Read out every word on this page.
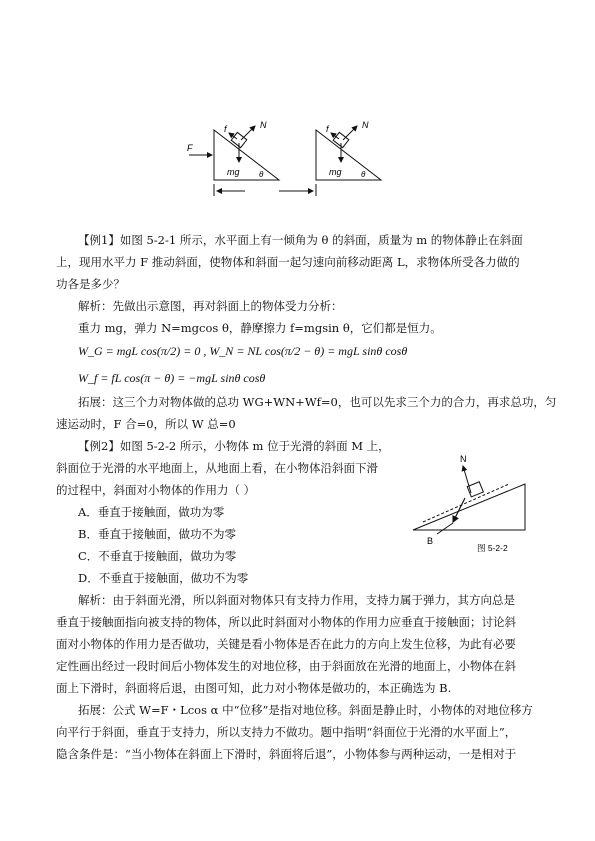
F
N
f
mg θ
N
f
mg θ
【例1】如图 5-2-1 所示，水平面上有一倾角为 θ 的斜面，质量为 m 的物体静止在斜面
上，现用水平力 F 推动斜面，使物体和斜面一起匀速向前移动距离 L，求物体所受各力做的
功各是多少？
解析：先做出示意图，再对斜面上的物体受力分析：
重力 mg，弹力 N=mgcos θ，静摩擦力 f=mgsin θ，它们都是恒力。
W_G = mgL cos(π/2) = 0 , W_N = NL cos(π/2 − θ) = mgL sinθ cosθ
W_f = fL cos(π − θ) = −mgL sinθ cosθ
拓展：这三个力对物体做的总功 WG+WN+Wf=0，也可以先求三个力的合力，再求总功，匀
速运动时，F 合=0，所以 W 总=0
【例2】如图 5-2-2 所示，小物体 m 位于光滑的斜面 M 上，
斜面位于光滑的水平地面上，从地面上看，在小物体沿斜面下滑
的过程中，斜面对小物体的作用力（ ）
A．垂直于接触面，做功为零
B．垂直于接触面，做功不为零
C．不垂直于接触面，做功为零
D．不垂直于接触面，做功不为零
N
B
图 5-2-2
解析：由于斜面光滑，所以斜面对物体只有支持力作用，支持力属于弹力，其方向总是
垂直于接触面指向被支持的物体，所以此时斜面对小物体的作用力应垂直于接触面；讨论斜
面对小物体的作用力是否做功，关键是看小物体是否在此力的方向上发生位移，为此有必要
定性画出经过一段时间后小物体发生的对地位移，由于斜面放在光滑的地面上，小物体在斜
面上下滑时，斜面将后退，由图可知，此力对小物体是做功的，本正确选为 B.
拓展：公式 W=F・Lcos α 中“位移”是指对地位移。斜面是静止时，小物体的对地位移方
向平行于斜面，垂直于支持力，所以支持力不做功。题中指明“斜面位于光滑的水平面上”，
隐含条件是：“当小物体在斜面上下滑时，斜面将后退”，小物体参与两种运动，一是相对于
